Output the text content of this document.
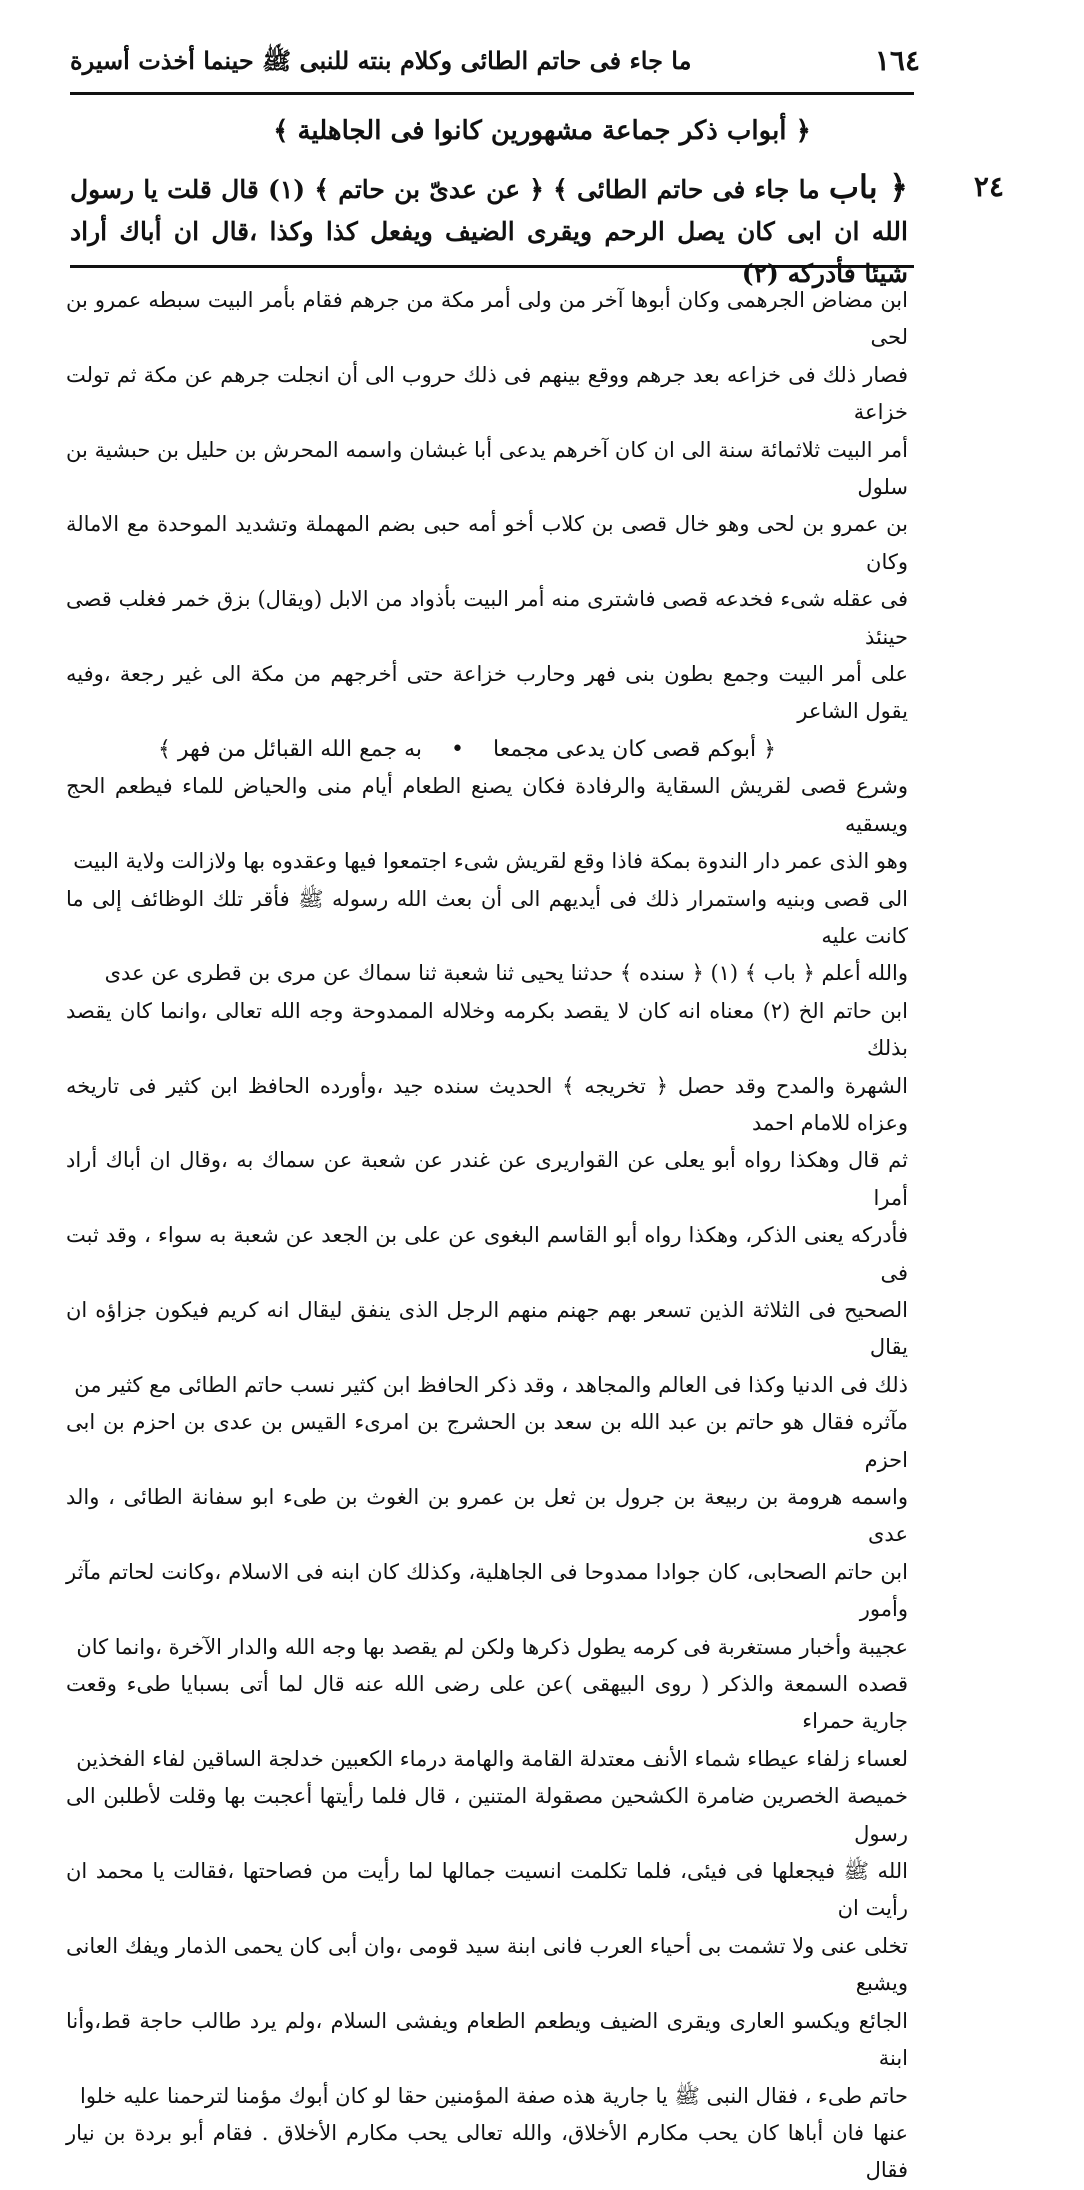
١٦٤
ما جاء فى حاتم الطائى وكلام بنته للنبى ﷺ حينما أخذت أسيرة
﴿ أبواب ذكر جماعة مشهورين كانوا فى الجاهلية ﴾
٢٤
﴿ باب ما جاء فى حاتم الطائى ﴾ ﴿ عن عدىّ بن حاتم ﴾ (١) قال قلت يا رسول الله ان ابى كان يصل الرحم ويقرى الضيف ويفعل كذا وكذا ،قال ان أباك أراد شيئا فأدركه (٢)

ابن مضاض الجرهمى وكان أبوها آخر من ولى أمر مكة من جرهم فقام بأمر البيت سبطه عمرو بن لحى

فصار ذلك فى خزاعه بعد جرهم ووقع بينهم فى ذلك حروب الى أن انجلت جرهم عن مكة ثم تولت خزاعة

أمر البيت ثلاثمائة سنة الى ان كان آخرهم يدعى أبا غبشان واسمه المحرش بن حليل بن حبشية بن سلول

بن عمرو بن لحى وهو خال قصى بن كلاب أخو أمه حبى بضم المهملة وتشديد الموحدة مع الامالة وكان

فى عقله شىء فخدعه قصى فاشترى منه أمر البيت بأذواد من الابل (ويقال) بزق خمر فغلب قصى حينئذ

على أمر البيت وجمع بطون بنى فهر وحارب خزاعة حتى أخرجهم من مكة الى غير رجعة ،وفيه يقول الشاعر

﴿ أبوكم قصى كان يدعى مجمعا • به جمع الله القبائل من فهر ﴾

وشرع قصى لقريش السقاية والرفادة فكان يصنع الطعام أيام منى والحياض للماء فيطعم الحج ويسقيه

وهو الذى عمر دار الندوة بمكة فاذا وقع لقريش شىء اجتمعوا فيها وعقدوه بها ولازالت ولاية البيت

الى قصى وبنيه واستمرار ذلك فى أيديهم الى أن بعث الله رسوله ﷺ فأقر تلك الوظائف إلى ما كانت عليه

والله أعلم ﴿ باب ﴾ (١) ﴿ سنده ﴾ حدثنا يحيى ثنا شعبة ثنا سماك عن مرى بن قطرى عن عدى

ابن حاتم الخ (٢) معناه انه كان لا يقصد بكرمه وخلاله الممدوحة وجه الله تعالى ،وانما كان يقصد بذلك

الشهرة والمدح وقد حصل ﴿ تخريجه ﴾ الحديث سنده جيد ،وأورده الحافظ ابن كثير فى تاريخه وعزاه للامام احمد

ثم قال وهكذا رواه أبو يعلى عن القواريرى عن غندر عن شعبة عن سماك به ،وقال ان أباك أراد أمرا

فأدركه يعنى الذكر، وهكذا رواه أبو القاسم البغوى عن على بن الجعد عن شعبة به سواء ، وقد ثبت فى

الصحيح فى الثلاثة الذين تسعر بهم جهنم منهم الرجل الذى ينفق ليقال انه كريم فيكون جزاؤه ان يقال

ذلك فى الدنيا وكذا فى العالم والمجاهد ، وقد ذكر الحافظ ابن كثير نسب حاتم الطائى مع كثير من

مآثره فقال هو حاتم بن عبد الله بن سعد بن الحشرج بن امرىء القيس بن عدى بن احزم بن ابى احزم

واسمه هرومة بن ربيعة بن جرول بن ثعل بن عمرو بن الغوث بن طىء ابو سفانة الطائى ، والد عدى

ابن حاتم الصحابى، كان جوادا ممدوحا فى الجاهلية، وكذلك كان ابنه فى الاسلام ،وكانت لحاتم مآثر وأمور

عجيبة وأخبار مستغربة فى كرمه يطول ذكرها ولكن لم يقصد بها وجه الله والدار الآخرة ،وانما كان

قصده السمعة والذكر ( روى البيهقى )عن على رضى الله عنه قال لما أتى بسبايا طىء وقعت جارية حمراء

لعساء زلفاء عيطاء شماء الأنف معتدلة القامة والهامة درماء الكعبين خدلجة الساقين لفاء الفخذين

خميصة الخصرين ضامرة الكشحين مصقولة المتنين ، قال فلما رأيتها أعجبت بها وقلت لأطلبن الى رسول

الله ﷺ فيجعلها فى فيئى، فلما تكلمت انسيت جمالها لما رأيت من فصاحتها ،فقالت يا محمد ان رأيت ان

تخلى عنى ولا تشمت بى أحياء العرب فانى ابنة سيد قومى ،وان أبى كان يحمى الذمار ويفك العانى ويشبع

الجائع ويكسو العارى ويقرى الضيف ويطعم الطعام ويفشى السلام ،ولم يرد طالب حاجة قط،وأنا ابنة

حاتم طىء ، فقال النبى ﷺ يا جارية هذه صفة المؤمنين حقا لو كان أبوك مؤمنا لترحمنا عليه خلوا

عنها فان أباها كان يحب مكارم الأخلاق، والله تعالى يحب مكارم الأخلاق . فقام أبو بردة بن نيار فقال
